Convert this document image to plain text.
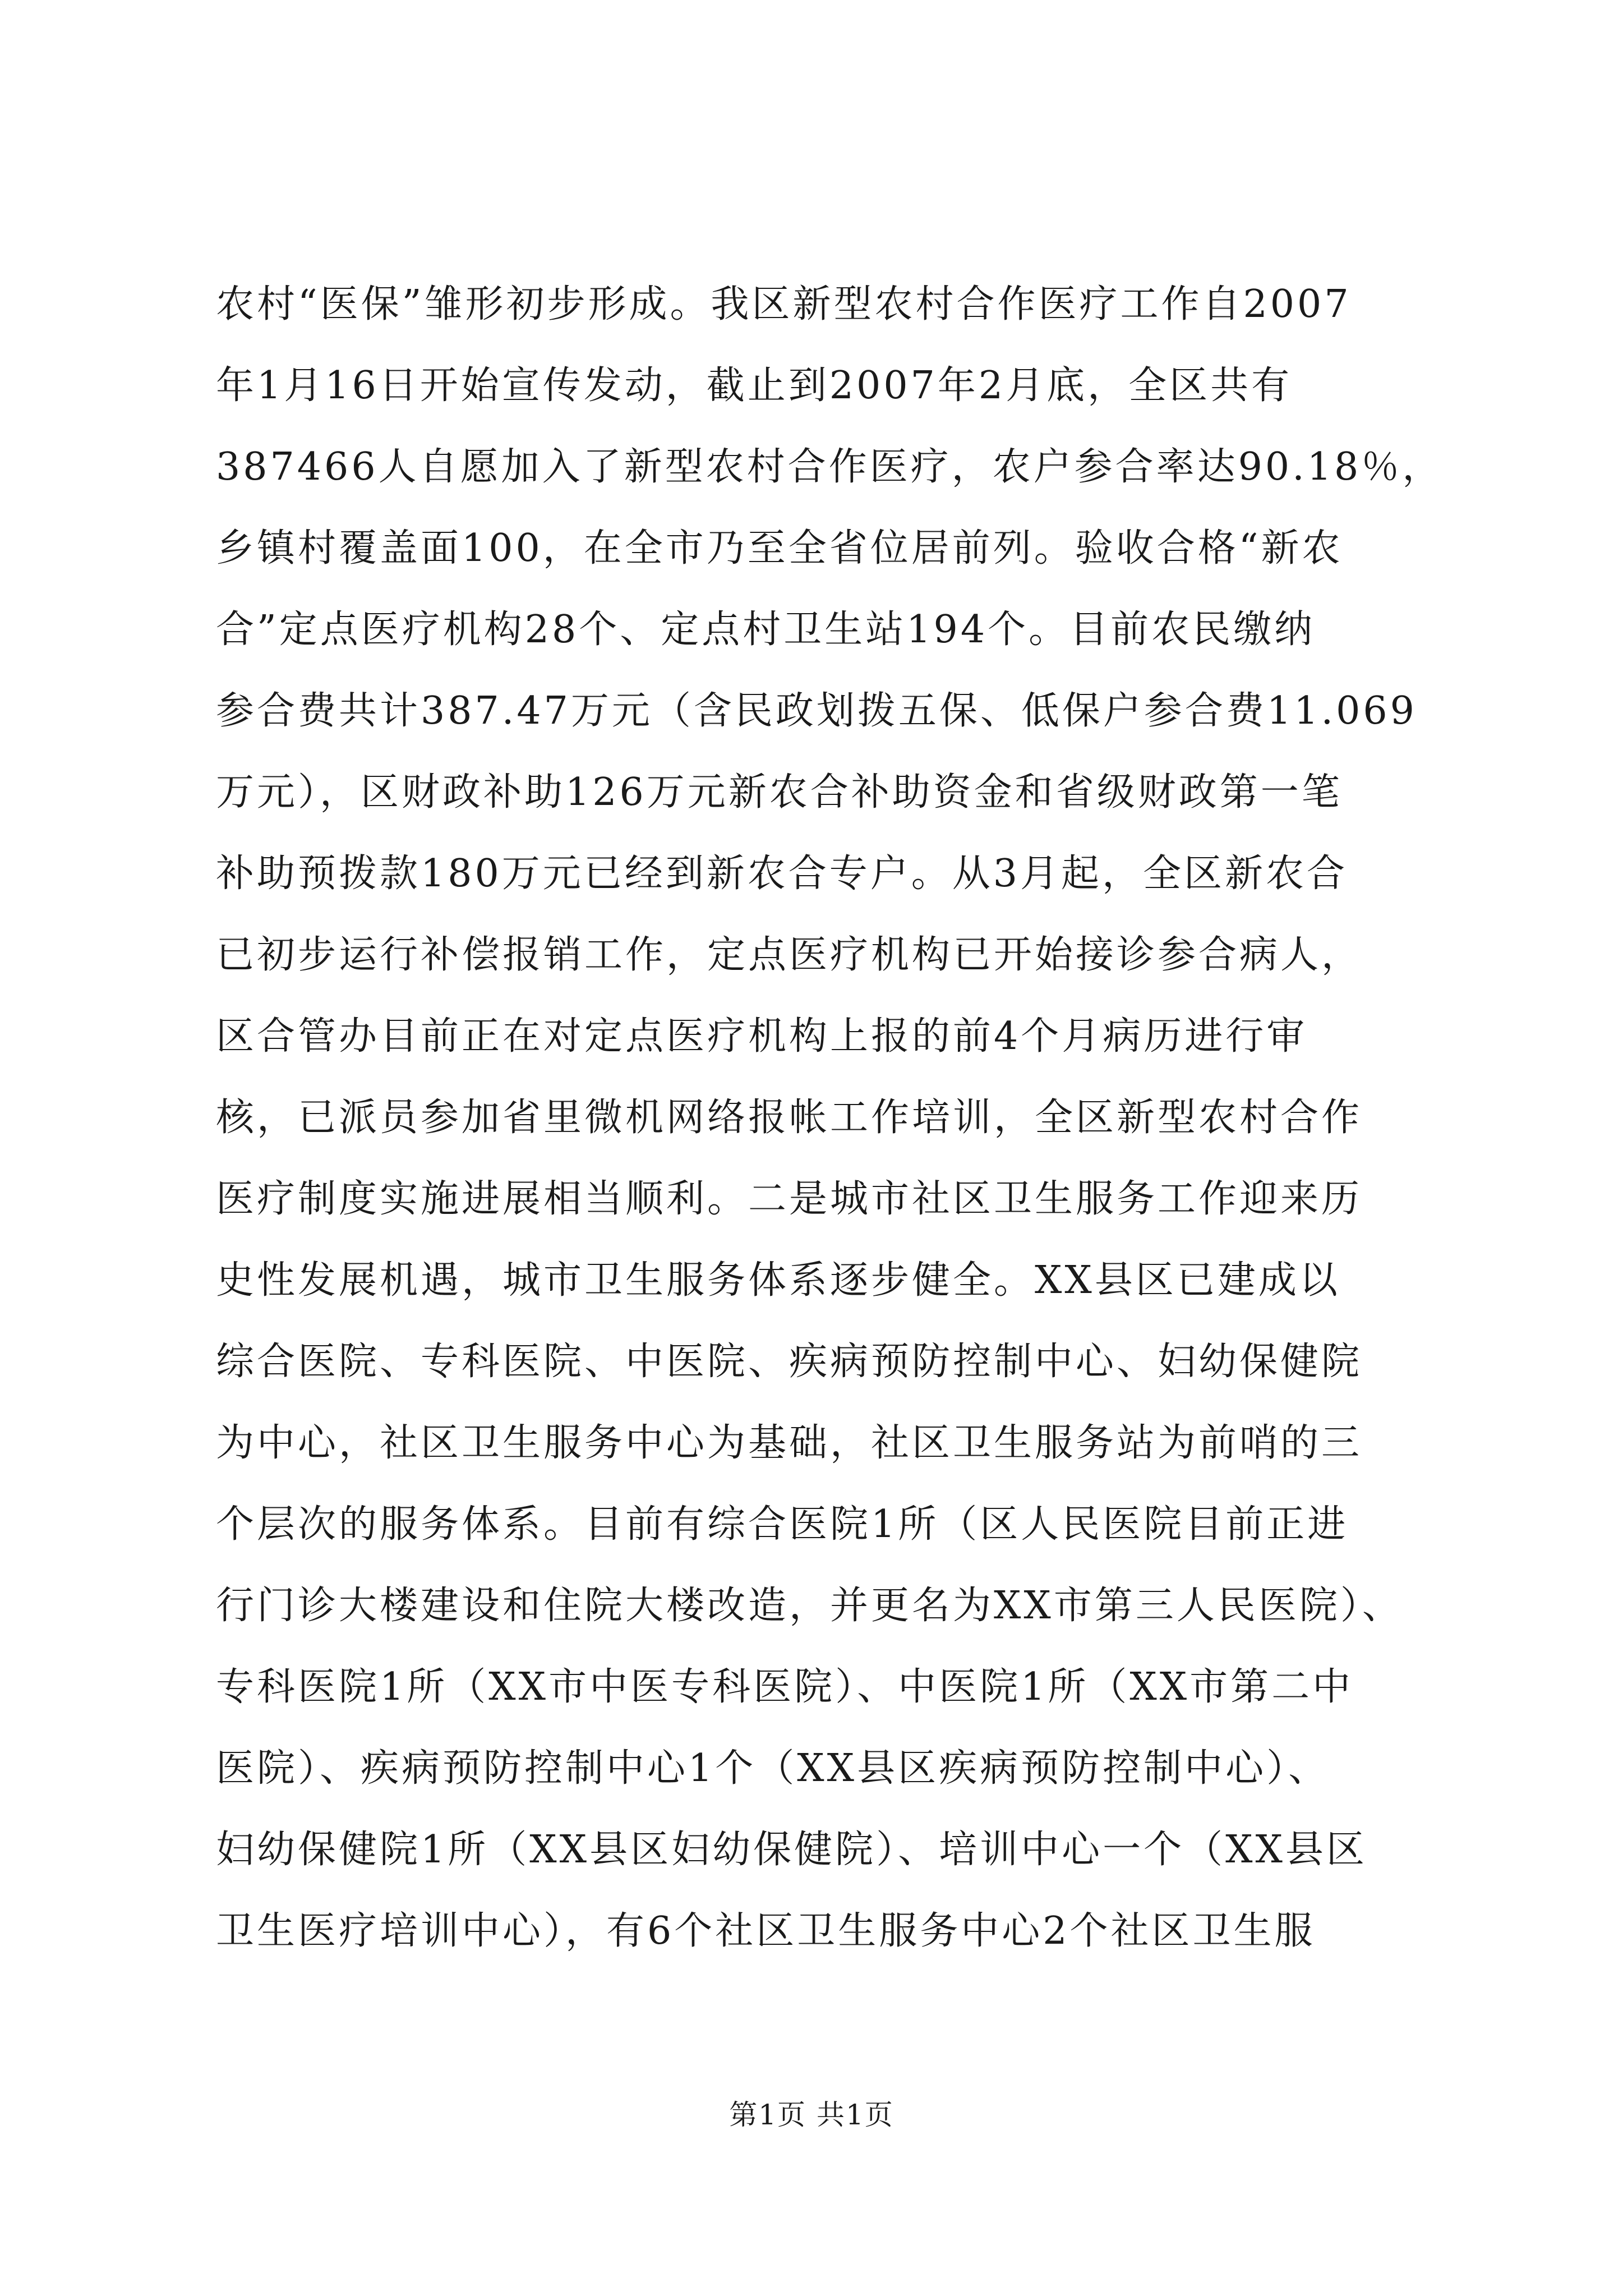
农村“医保”雏形初步形成。我区新型农村合作医疗工作自2007
年1月16日开始宣传发动，截止到2007年2月底，全区共有
387466人自愿加入了新型农村合作医疗，农户参合率达90.18％，
乡镇村覆盖面100，在全市乃至全省位居前列。验收合格“新农
合”定点医疗机构28个、定点村卫生站194个。目前农民缴纳
参合费共计387.47万元（含民政划拨五保、低保户参合费11.069
万元），区财政补助126万元新农合补助资金和省级财政第一笔
补助预拨款180万元已经到新农合专户。从3月起，全区新农合
已初步运行补偿报销工作，定点医疗机构已开始接诊参合病人，
区合管办目前正在对定点医疗机构上报的前4个月病历进行审
核，已派员参加省里微机网络报帐工作培训，全区新型农村合作
医疗制度实施进展相当顺利。二是城市社区卫生服务工作迎来历
史性发展机遇，城市卫生服务体系逐步健全。XX县区已建成以
综合医院、专科医院、中医院、疾病预防控制中心、妇幼保健院
为中心，社区卫生服务中心为基础，社区卫生服务站为前哨的三
个层次的服务体系。目前有综合医院1所（区人民医院目前正进
行门诊大楼建设和住院大楼改造，并更名为XX市第三人民医院）、
专科医院1所（XX市中医专科医院）、中医院1所（XX市第二中
医院）、疾病预防控制中心1个（XX县区疾病预防控制中心）、
妇幼保健院1所（XX县区妇幼保健院）、培训中心一个（XX县区
卫生医疗培训中心），有6个社区卫生服务中心2个社区卫生服
第1页 共1页
